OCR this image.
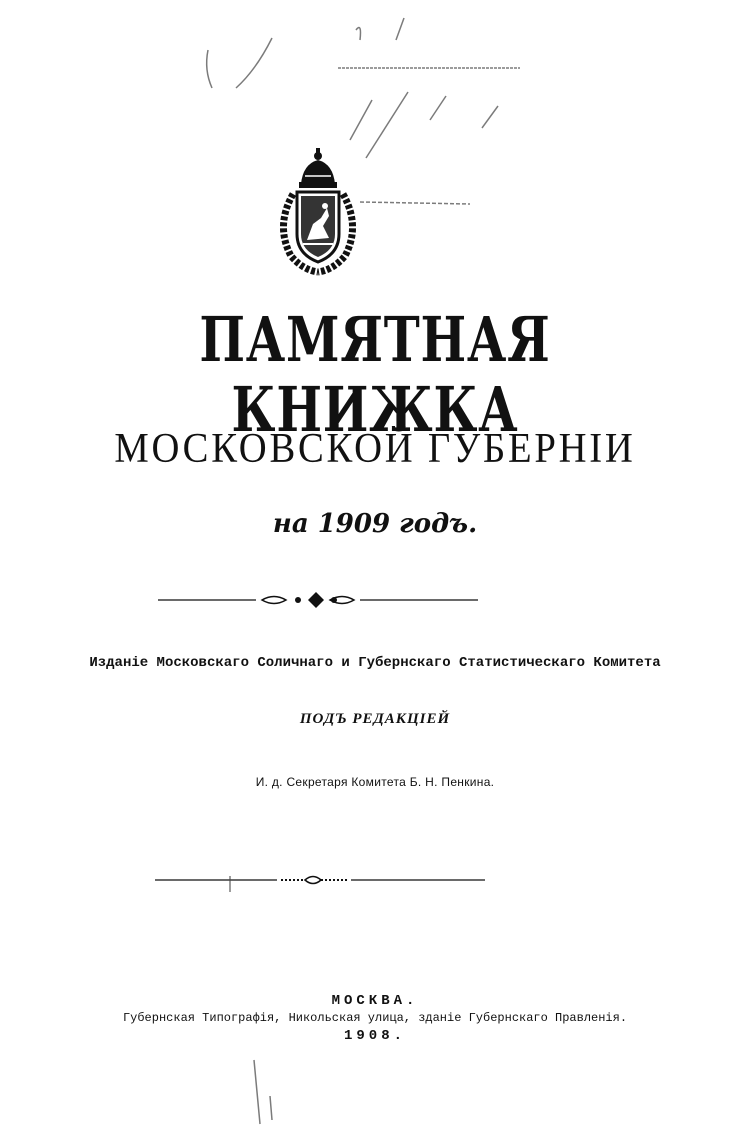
ПАМЯТНАЯ КНИЖКА
МОСКОВСКОЙ ГУБЕРНІИ
на 1909 годъ.
Изданіе Московскаго Соличнаго и Губернскаго Статистическаго Комитета
ПОДЪ РЕДАКЦІЕЙ
И. д. Секретаря Комитета Б. Н. Пенкина.
МОСКВА.
Губернская Типографія, Никольская улица, зданіе Губернскаго Правленія.
1908.
